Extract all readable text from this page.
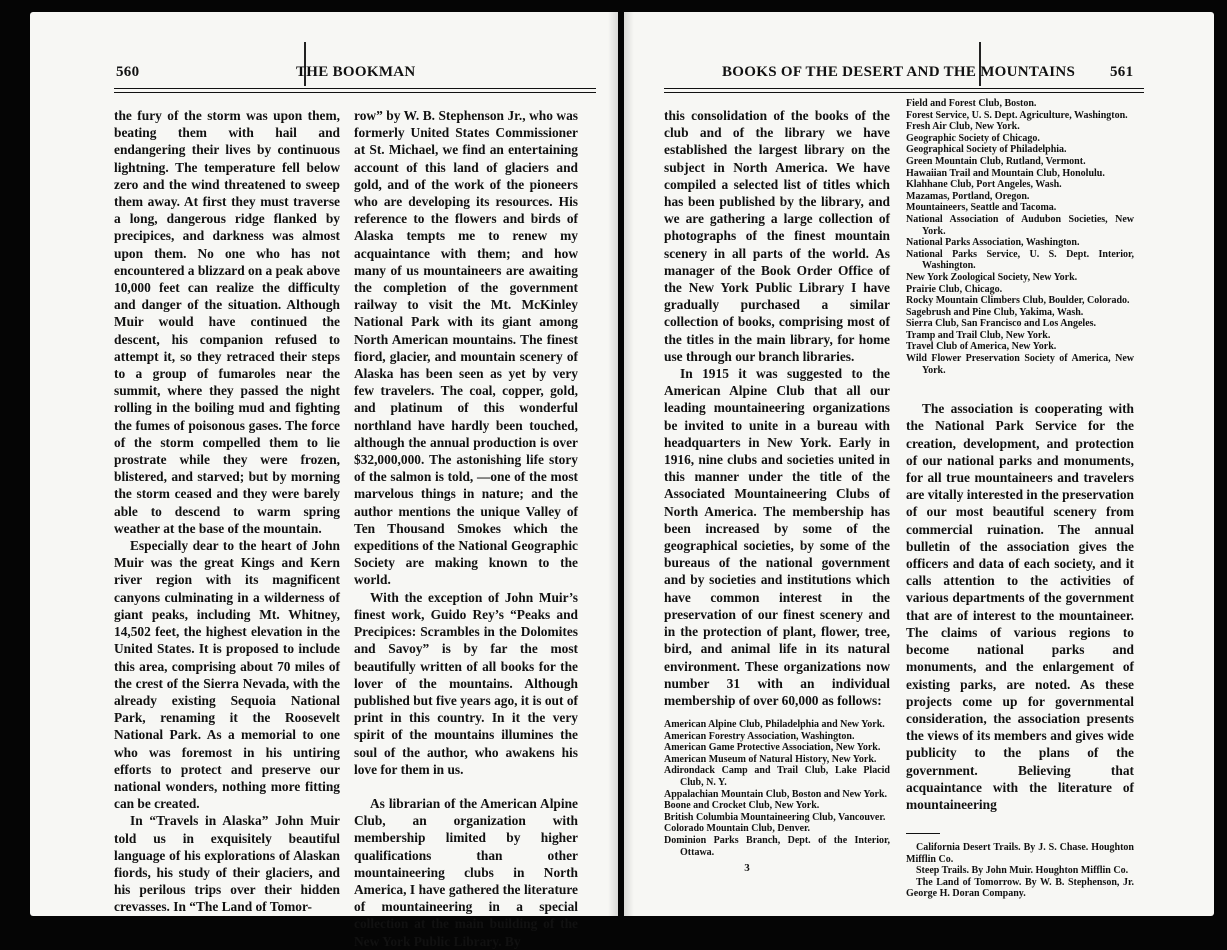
560	THE BOOKMAN

the fury of the storm was upon them, beating them with hail and endangering their lives by continuous lightning. The temperature fell below zero and the wind threatened to sweep them away. At first they must traverse a long, dangerous ridge flanked by precipices, and darkness was almost upon them. No one who has not encountered a blizzard on a peak above 10,000 feet can realize the difficulty and danger of the situation. Although Muir would have continued the descent, his companion refused to attempt it, so they retraced their steps to a group of fumaroles near the summit, where they passed the night rolling in the boiling mud and fighting the fumes of poisonous gases. The force of the storm compelled them to lie prostrate while they were frozen, blistered, and starved; but by morning the storm ceased and they were barely able to descend to warm spring weather at the base of the mountain.

Especially dear to the heart of John Muir was the great Kings and Kern river region with its magnificent canyons culminating in a wilderness of giant peaks, including Mt. Whitney, 14,502 feet, the highest elevation in the United States. It is proposed to include this area, comprising about 70 miles of the crest of the Sierra Nevada, with the already existing Sequoia National Park, renaming it the Roosevelt National Park. As a memorial to one who was foremost in his untiring efforts to protect and preserve our national wonders, nothing more fitting can be created.

In “Travels in Alaska” John Muir told us in exquisitely beautiful language of his explorations of Alaskan fiords, his study of their glaciers, and his perilous trips over their hidden crevasses. In “The Land of Tomor-

row” by W. B. Stephenson Jr., who was formerly United States Commissioner at St. Michael, we find an entertaining account of this land of glaciers and gold, and of the work of the pioneers who are developing its resources. His reference to the flowers and birds of Alaska tempts me to renew my acquaintance with them; and how many of us mountaineers are awaiting the completion of the government railway to visit the Mt. McKinley National Park with its giant among North American mountains. The finest fiord, glacier, and mountain scenery of Alaska has been seen as yet by very few travelers. The coal, copper, gold, and platinum of this wonderful northland have hardly been touched, although the annual production is over $32,000,000. The astonishing life story of the salmon is told, —one of the most marvelous things in nature; and the author mentions the unique Valley of Ten Thousand Smokes which the expeditions of the National Geographic Society are making known to the world.

With the exception of John Muir’s finest work, Guido Rey’s “Peaks and Precipices: Scrambles in the Dolomites and Savoy” is by far the most beautifully written of all books for the lover of the mountains. Although published but five years ago, it is out of print in this country. In it the very spirit of the mountains illumines the soul of the author, who awakens his love for them in us.

As librarian of the American Alpine Club, an organization with membership limited by higher qualifications than other mountaineering clubs in North America, I have gathered the literature of mountaineering in a special collection at the main building of the New York Public Library. By

BOOKS OF THE DESERT AND THE MOUNTAINS 561

this consolidation of the books of the club and of the library we have established the largest library on the subject in North America. We have compiled a selected list of titles which has been published by the library, and we are gathering a large collection of photographs of the finest mountain scenery in all parts of the world. As manager of the Book Order Office of the New York Public Library I have gradually purchased a similar collection of books, comprising most of the titles in the main library, for home use through our branch libraries.

In 1915 it was suggested to the American Alpine Club that all our leading mountaineering organizations be invited to unite in a bureau with headquarters in New York. Early in 1916, nine clubs and societies united in this manner under the title of the Associated Mountaineering Clubs of North America. The membership has been increased by some of the geographical societies, by some of the bureaus of the national government and by societies and institutions which have common interest in the preservation of our finest scenery and in the protection of plant, flower, tree, bird, and animal life in its natural environment. These organizations now number 31 with an individual membership of over 60,000 as follows:

American Alpine Club, Philadelphia and New York.
American Forestry Association, Washington.
American Game Protective Association, New York.
American Museum of Natural History, New York.
Adirondack Camp and Trail Club, Lake Placid Club, N. Y.
Appalachian Mountain Club, Boston and New York.
Boone and Crocket Club, New York.
British Columbia Mountaineering Club, Vancouver.
Colorado Mountain Club, Denver.
Dominion Parks Branch, Dept. of the Interior, Ottawa.
3
Field and Forest Club, Boston.
Forest Service, U. S. Dept. Agriculture, Washington.
Fresh Air Club, New York.
Geographic Society of Chicago.
Geographical Society of Philadelphia.
Green Mountain Club, Rutland, Vermont.
Hawaiian Trail and Mountain Club, Honolulu.
Klahhane Club, Port Angeles, Wash.
Mazamas, Portland, Oregon.
Mountaineers, Seattle and Tacoma.
National Association of Audubon Societies, New York.
National Parks Association, Washington.
National Parks Service, U. S. Dept. Interior, Washington.
New York Zoological Society, New York.
Prairie Club, Chicago.
Rocky Mountain Climbers Club, Boulder, Colorado.
Sagebrush and Pine Club, Yakima, Wash.
Sierra Club, San Francisco and Los Angeles.
Tramp and Trail Club, New York.
Travel Club of America, New York.
Wild Flower Preservation Society of America, New York.

The association is cooperating with the National Park Service for the creation, development, and protection of our national parks and monuments, for all true mountaineers and travelers are vitally interested in the preservation of our most beautiful scenery from commercial ruination. The annual bulletin of the association gives the officers and data of each society, and it calls attention to the activities of various departments of the government that are of interest to the mountaineer. The claims of various regions to become national parks and monuments, and the enlargement of existing parks, are noted. As these projects come up for governmental consideration, the association presents the views of its members and gives wide publicity to the plans of the government. Believing that acquaintance with the literature of mountaineering

California Desert Trails. By J. S. Chase. Houghton Mifflin Co.

Steep Trails. By John Muir. Houghton Mifflin Co.

The Land of Tomorrow. By W. B. Stephenson, Jr. George H. Doran Company.
